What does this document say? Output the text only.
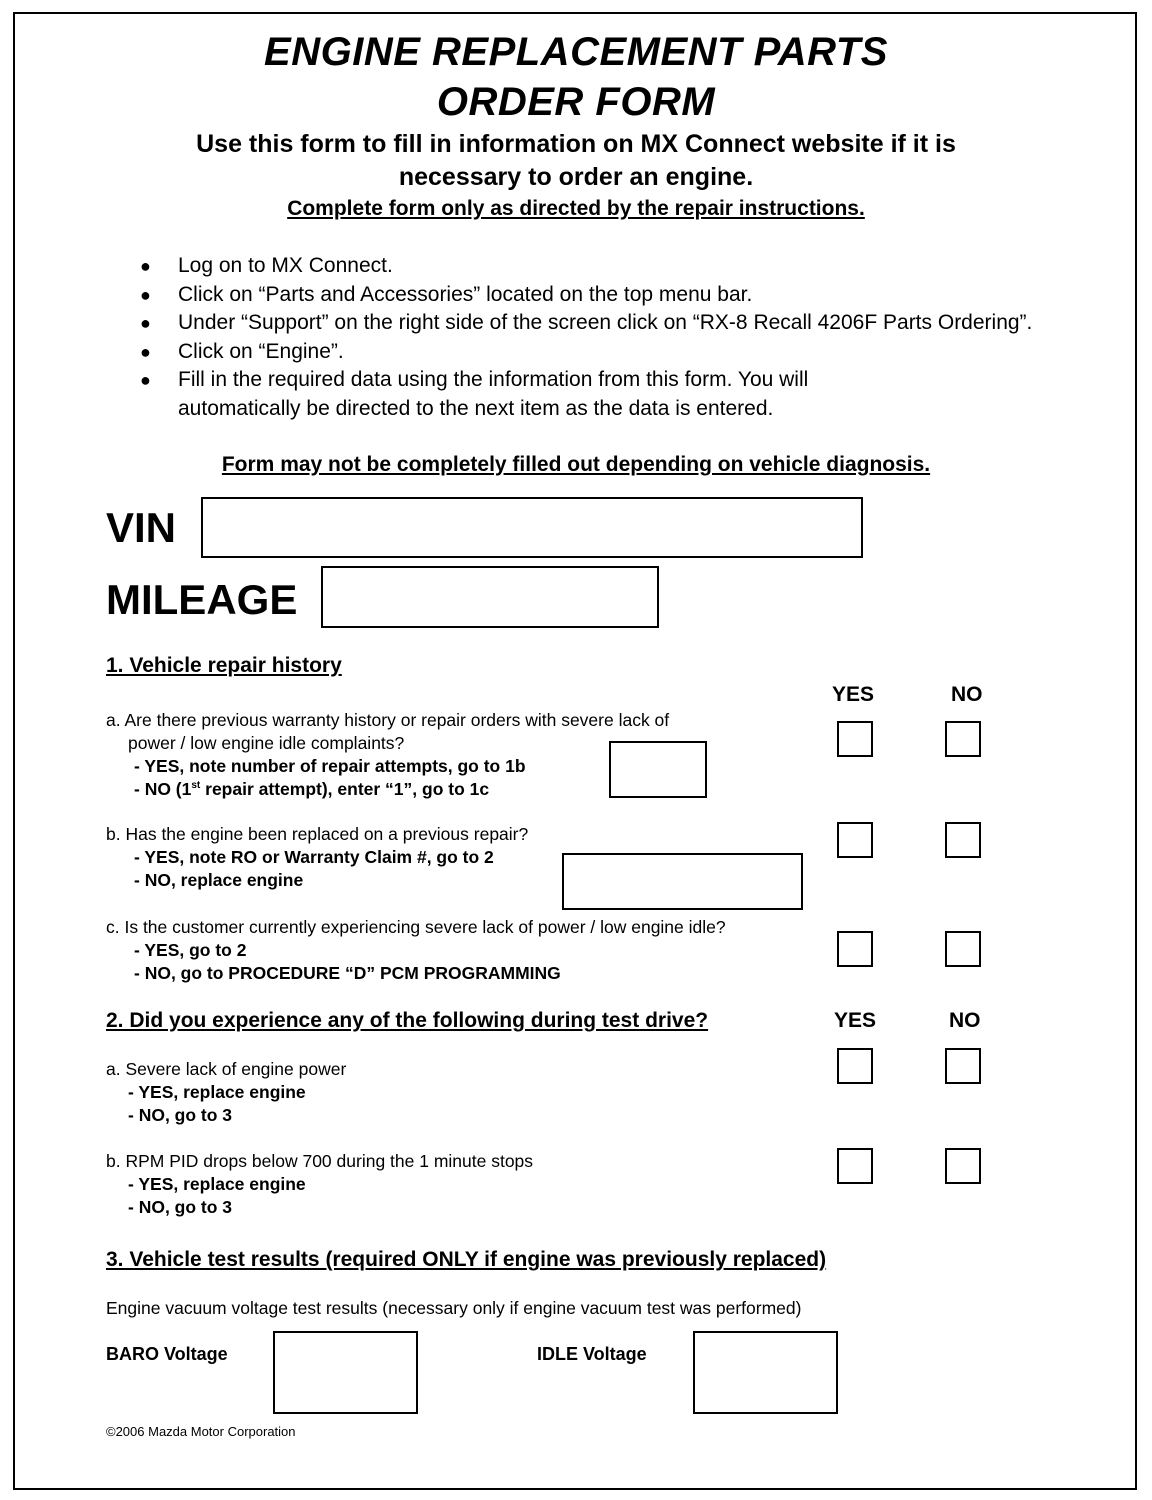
ENGINE REPLACEMENT PARTS
ORDER FORM
Use this form to fill in information on MX Connect website if it is
necessary to order an engine.
Complete form only as directed by the repair instructions.
● Log on to MX Connect.
● Click on “Parts and Accessories” located on the top menu bar.
● Under “Support” on the right side of the screen click on “RX-8 Recall 4206F Parts Ordering”.
● Click on “Engine”.
● Fill in the required data using the information from this form. You will automatically be directed to the next item as the data is entered.
Form may not be completely filled out depending on vehicle diagnosis.
VIN
MILEAGE
1. Vehicle repair history
YES	NO
a. Are there previous warranty history or repair orders with severe lack of
power / low engine idle complaints?
- YES, note number of repair attempts, go to 1b
- NO (1st repair attempt), enter “1”, go to 1c
b. Has the engine been replaced on a previous repair?
- YES, note RO or Warranty Claim #, go to 2
- NO, replace engine
c. Is the customer currently experiencing severe lack of power / low engine idle?
- YES, go to 2
- NO, go to PROCEDURE “D” PCM PROGRAMMING
2. Did you experience any of the following during test drive?	YES	NO
a. Severe lack of engine power
- YES, replace engine
- NO, go to 3
b. RPM PID drops below 700 during the 1 minute stops
- YES, replace engine
- NO, go to 3
3. Vehicle test results (required ONLY if engine was previously replaced)
Engine vacuum voltage test results (necessary only if engine vacuum test was performed)
BARO Voltage	IDLE Voltage
©2006 Mazda Motor Corporation
